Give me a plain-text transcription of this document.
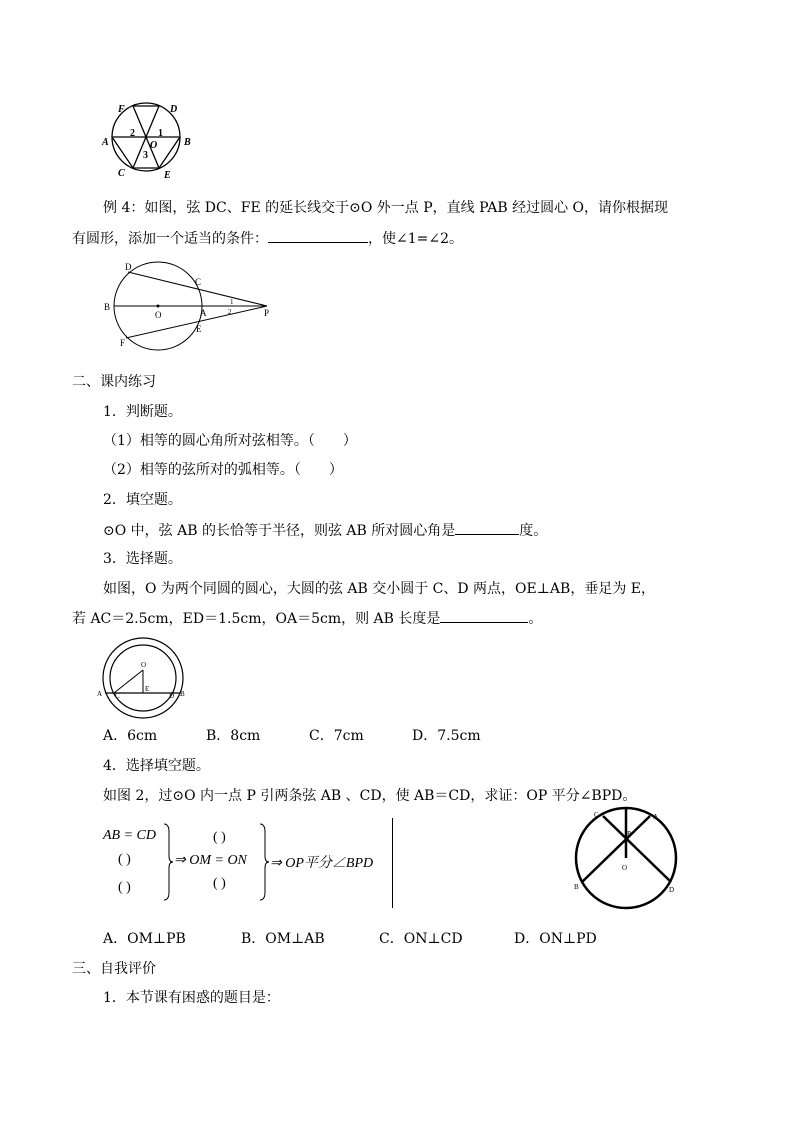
F	D
A	B
C	E
O
1
2
3
例 4：如图，弦 DC、FE 的延长线交于⊙O 外一点 P，直线 PAB 经过圆心 O，请你根据现
有圆形，添加一个适当的条件：	，使∠1=∠2。
D
C
B
O	A
E
F
P
1
2
二、课内练习
1．判断题。
（1）相等的圆心角所对弦相等。（　　）
（2）相等的弦所对的弧相等。（　　）
2．填空题。
⊙O 中，弦 AB 的长恰等于半径，则弦 AB 所对圆心角是	度。
3．选择题。
如图，O 为两个同圆的圆心，大圆的弦 AB 交小圆于 C、D 两点，OE⊥AB，垂足为 E，
若 AC＝2.5cm，ED＝1.5cm，OA＝5cm，则 AB 长度是	。
O
A C
E
D B
A．6cm	B．8cm	C．7cm	D．7.5cm
4．选择填空题。
如图 2，过⊙O 内一点 P 引两条弦 AB 、CD，使 AB＝CD，求证：OP 平分∠BPD。
AB = CD
( )
( )
( )
⇒ OM = ON
( )
⇒ OP平分∠BPD
C	A
P
O
B	D
A．OM⊥PB	B．OM⊥AB	C．ON⊥CD	D．ON⊥PD
三、自我评价
1．本节课有困惑的题目是：
